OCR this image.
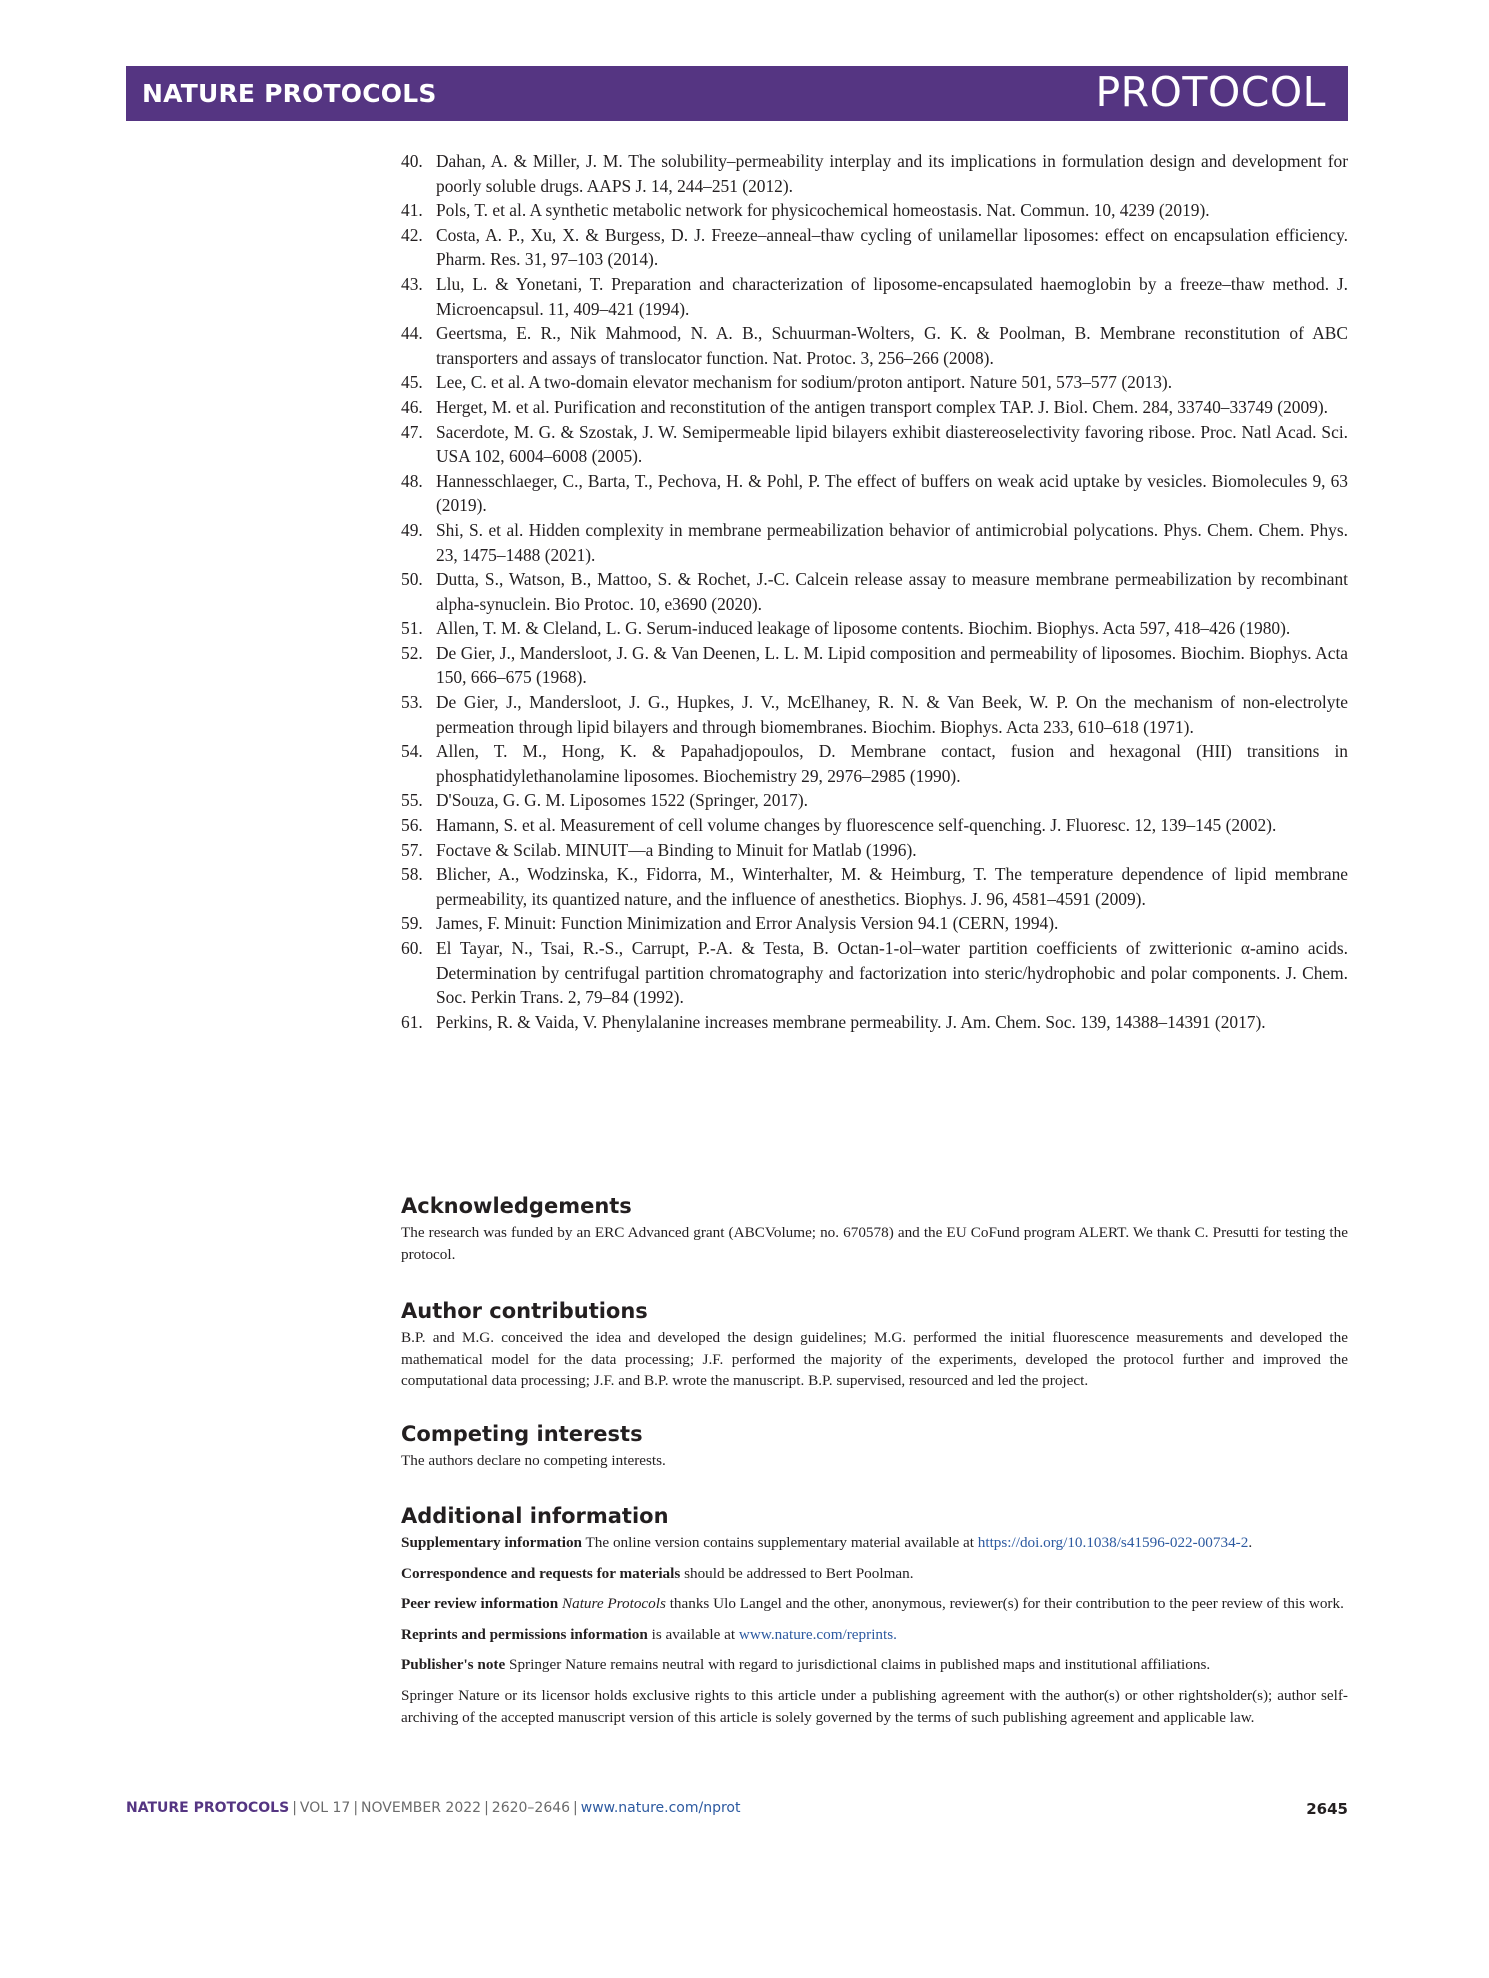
NATURE PROTOCOLS	PROTOCOL
40. Dahan, A. & Miller, J. M. The solubility–permeability interplay and its implications in formulation design and development for poorly soluble drugs. AAPS J. 14, 244–251 (2012).
41. Pols, T. et al. A synthetic metabolic network for physicochemical homeostasis. Nat. Commun. 10, 4239 (2019).
42. Costa, A. P., Xu, X. & Burgess, D. J. Freeze–anneal–thaw cycling of unilamellar liposomes: effect on encapsulation efficiency. Pharm. Res. 31, 97–103 (2014).
43. Llu, L. & Yonetani, T. Preparation and characterization of liposome-encapsulated haemoglobin by a freeze–thaw method. J. Microencapsul. 11, 409–421 (1994).
44. Geertsma, E. R., Nik Mahmood, N. A. B., Schuurman-Wolters, G. K. & Poolman, B. Membrane reconstitution of ABC transporters and assays of translocator function. Nat. Protoc. 3, 256–266 (2008).
45. Lee, C. et al. A two-domain elevator mechanism for sodium/proton antiport. Nature 501, 573–577 (2013).
46. Herget, M. et al. Purification and reconstitution of the antigen transport complex TAP. J. Biol. Chem. 284, 33740–33749 (2009).
47. Sacerdote, M. G. & Szostak, J. W. Semipermeable lipid bilayers exhibit diastereoselectivity favoring ribose. Proc. Natl Acad. Sci. USA 102, 6004–6008 (2005).
48. Hannesschlaeger, C., Barta, T., Pechova, H. & Pohl, P. The effect of buffers on weak acid uptake by vesicles. Biomolecules 9, 63 (2019).
49. Shi, S. et al. Hidden complexity in membrane permeabilization behavior of antimicrobial polycations. Phys. Chem. Chem. Phys. 23, 1475–1488 (2021).
50. Dutta, S., Watson, B., Mattoo, S. & Rochet, J.-C. Calcein release assay to measure membrane permeabilization by recombinant alpha-synuclein. Bio Protoc. 10, e3690 (2020).
51. Allen, T. M. & Cleland, L. G. Serum-induced leakage of liposome contents. Biochim. Biophys. Acta 597, 418–426 (1980).
52. De Gier, J., Mandersloot, J. G. & Van Deenen, L. L. M. Lipid composition and permeability of liposomes. Biochim. Biophys. Acta 150, 666–675 (1968).
53. De Gier, J., Mandersloot, J. G., Hupkes, J. V., McElhaney, R. N. & Van Beek, W. P. On the mechanism of non-electrolyte permeation through lipid bilayers and through biomembranes. Biochim. Biophys. Acta 233, 610–618 (1971).
54. Allen, T. M., Hong, K. & Papahadjopoulos, D. Membrane contact, fusion and hexagonal (HII) transitions in phosphatidylethanolamine liposomes. Biochemistry 29, 2976–2985 (1990).
55. D'Souza, G. G. M. Liposomes 1522 (Springer, 2017).
56. Hamann, S. et al. Measurement of cell volume changes by fluorescence self-quenching. J. Fluoresc. 12, 139–145 (2002).
57. Foctave & Scilab. MINUIT—a Binding to Minuit for Matlab (1996).
58. Blicher, A., Wodzinska, K., Fidorra, M., Winterhalter, M. & Heimburg, T. The temperature dependence of lipid membrane permeability, its quantized nature, and the influence of anesthetics. Biophys. J. 96, 4581–4591 (2009).
59. James, F. Minuit: Function Minimization and Error Analysis Version 94.1 (CERN, 1994).
60. El Tayar, N., Tsai, R.-S., Carrupt, P.-A. & Testa, B. Octan-1-ol–water partition coefficients of zwitterionic α-amino acids. Determination by centrifugal partition chromatography and factorization into steric/hydrophobic and polar components. J. Chem. Soc. Perkin Trans. 2, 79–84 (1992).
61. Perkins, R. & Vaida, V. Phenylalanine increases membrane permeability. J. Am. Chem. Soc. 139, 14388–14391 (2017).
Acknowledgements
The research was funded by an ERC Advanced grant (ABCVolume; no. 670578) and the EU CoFund program ALERT. We thank C. Presutti for testing the protocol.
Author contributions
B.P. and M.G. conceived the idea and developed the design guidelines; M.G. performed the initial fluorescence measurements and developed the mathematical model for the data processing; J.F. performed the majority of the experiments, developed the protocol further and improved the computational data processing; J.F. and B.P. wrote the manuscript. B.P. supervised, resourced and led the project.
Competing interests
The authors declare no competing interests.
Additional information

Supplementary information The online version contains supplementary material available at https://doi.org/10.1038/s41596-022-00734-2.

Correspondence and requests for materials should be addressed to Bert Poolman.

Peer review information Nature Protocols thanks Ulo Langel and the other, anonymous, reviewer(s) for their contribution to the peer review of this work.

Reprints and permissions information is available at www.nature.com/reprints.

Publisher's note Springer Nature remains neutral with regard to jurisdictional claims in published maps and institutional affiliations.

Springer Nature or its licensor holds exclusive rights to this article under a publishing agreement with the author(s) or other rightsholder(s); author self-archiving of the accepted manuscript version of this article is solely governed by the terms of such publishing agreement and applicable law.

NATURE PROTOCOLS | VOL 17 | NOVEMBER 2022 | 2620–2646 | www.nature.com/nprot	2645
